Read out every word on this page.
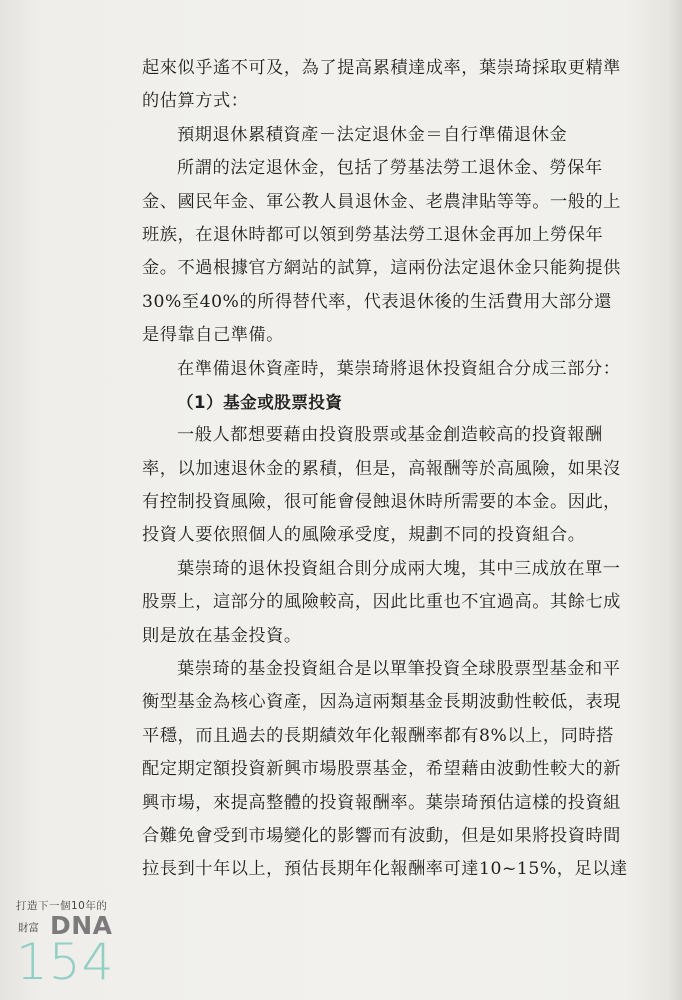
起來似乎遙不可及，為了提高累積達成率，葉崇琦採取更精準
的估算方式：
預期退休累積資產－法定退休金＝自行準備退休金
所謂的法定退休金，包括了勞基法勞工退休金、勞保年
金、國民年金、軍公教人員退休金、老農津貼等等。一般的上
班族，在退休時都可以領到勞基法勞工退休金再加上勞保年
金。不過根據官方網站的試算，這兩份法定退休金只能夠提供
30%至40%的所得替代率，代表退休後的生活費用大部分還
是得靠自己準備。
在準備退休資產時，葉崇琦將退休投資組合分成三部分：
（1）基金或股票投資
一般人都想要藉由投資股票或基金創造較高的投資報酬
率，以加速退休金的累積，但是，高報酬等於高風險，如果沒
有控制投資風險，很可能會侵蝕退休時所需要的本金。因此，
投資人要依照個人的風險承受度，規劃不同的投資組合。
葉崇琦的退休投資組合則分成兩大塊，其中三成放在單一
股票上，這部分的風險較高，因此比重也不宜過高。其餘七成
則是放在基金投資。
葉崇琦的基金投資組合是以單筆投資全球股票型基金和平
衡型基金為核心資產，因為這兩類基金長期波動性較低，表現
平穩，而且過去的長期績效年化報酬率都有8%以上，同時搭
配定期定額投資新興市場股票基金，希望藉由波動性較大的新
興市場，來提高整體的投資報酬率。葉崇琦預估這樣的投資組
合難免會受到市場變化的影響而有波動，但是如果將投資時間
拉長到十年以上，預估長期年化報酬率可達10~15%，足以達
打造下一個10年的
財富 DNA
154
